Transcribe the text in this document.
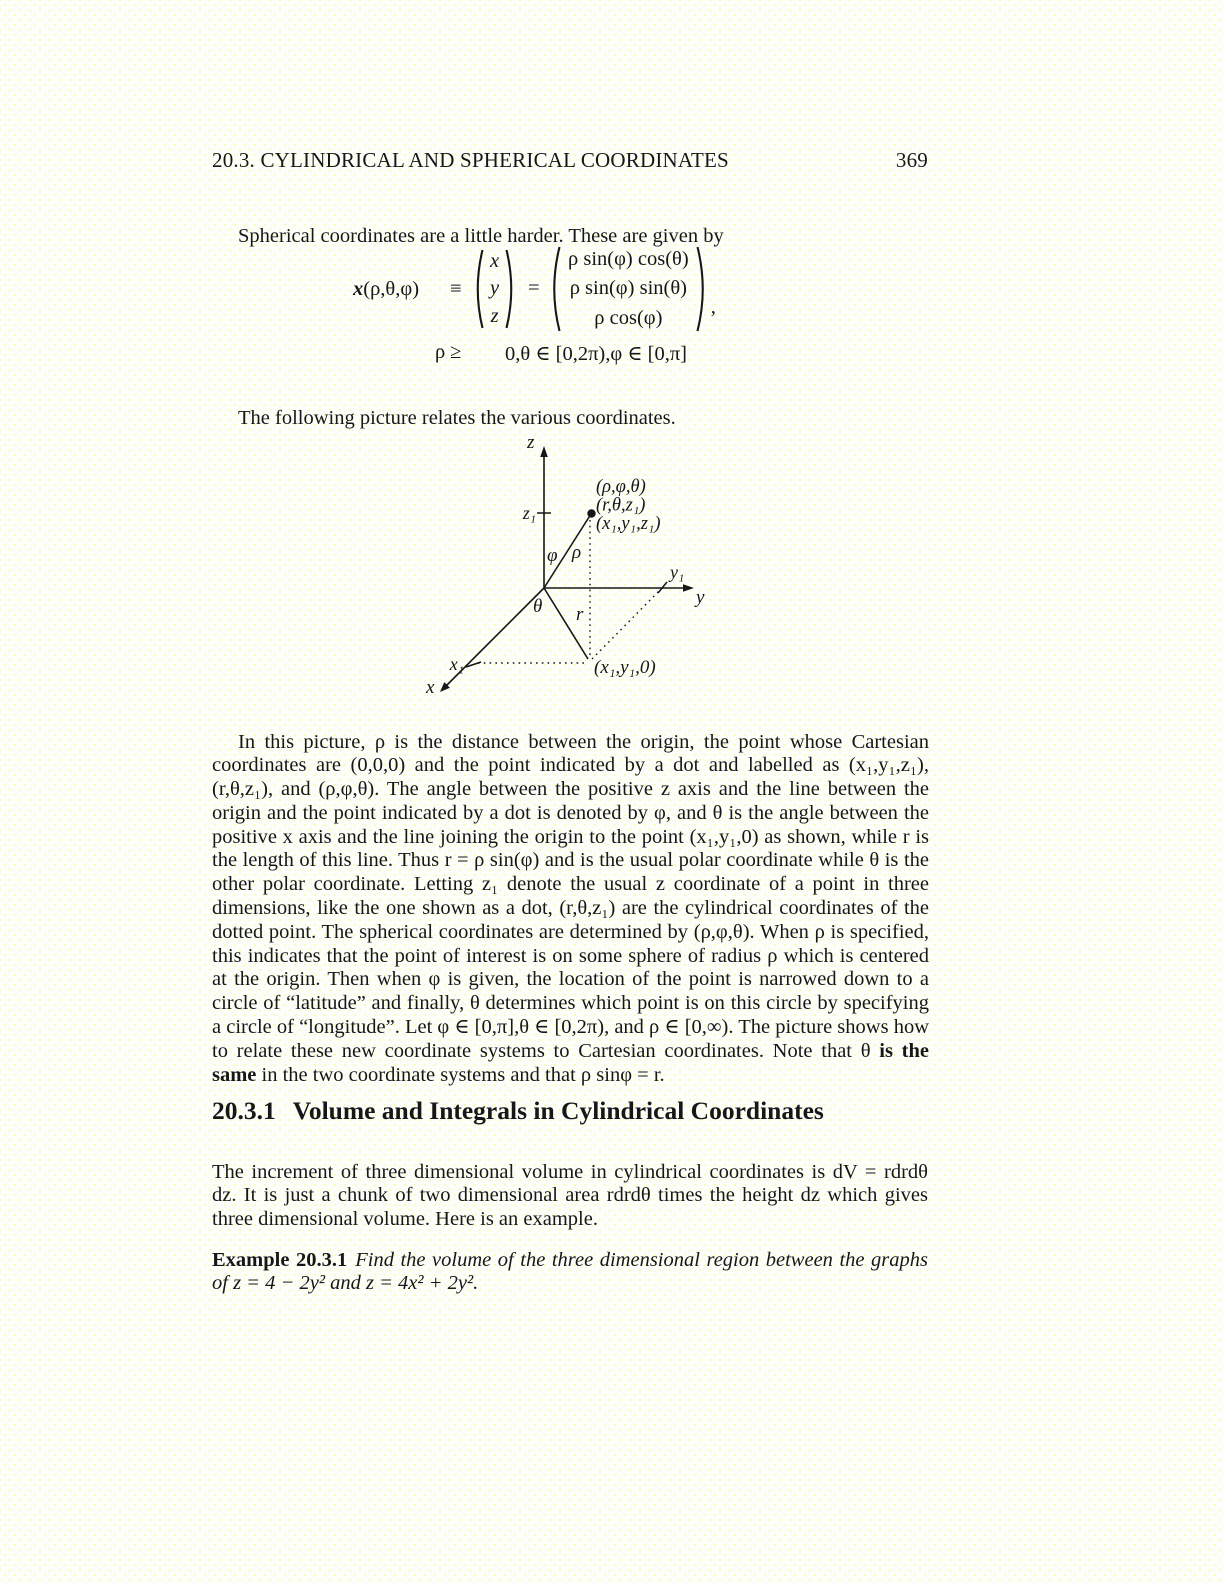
20.3. CYLINDRICAL AND SPHERICAL COORDINATES	369

Spherical coordinates are a little harder. These are given by

x(ρ,θ,φ) ≡
x
y
z
=
ρ sin(φ) cos(θ)
ρ sin(φ) sin(θ)
ρ cos(φ)	,
ρ ≥ 0,θ ∈ [0,2π),φ ∈ [0,π]

The following picture relates the various coordinates.

z
z₁
(ρ,φ,θ)
(r,θ,z₁)
(x₁,y₁,z₁)
φ ρ
y₁
y
θ r
x₁
x
(x₁,y₁,0)

In this picture, ρ is the distance between the origin, the point whose Cartesian coordinates are (0,0,0) and the point indicated by a dot and labelled as (x₁,y₁,z₁), (r,θ,z₁), and (ρ,φ,θ). The angle between the positive z axis and the line between the origin and the point indicated by a dot is denoted by φ, and θ is the angle between the positive x axis and the line joining the origin to the point (x₁,y₁,0) as shown, while r is the length of this line. Thus r = ρ sin(φ) and is the usual polar coordinate while θ is the other polar coordinate. Letting z₁ denote the usual z coordinate of a point in three dimensions, like the one shown as a dot, (r,θ,z₁) are the cylindrical coordinates of the dotted point. The spherical coordinates are determined by (ρ,φ,θ). When ρ is specified, this indicates that the point of interest is on some sphere of radius ρ which is centered at the origin. Then when φ is given, the location of the point is narrowed down to a circle of “latitude” and finally, θ determines which point is on this circle by specifying a circle of “longitude”. Let φ ∈ [0,π],θ ∈ [0,2π), and ρ ∈ [0,∞). The picture shows how to relate these new coordinate systems to Cartesian coordinates. Note that θ is the same in the two coordinate systems and that ρ sinφ = r.

20.3.1 Volume and Integrals in Cylindrical Coordinates

The increment of three dimensional volume in cylindrical coordinates is dV = rdrdθ dz. It is just a chunk of two dimensional area rdrdθ times the height dz which gives three dimensional volume. Here is an example.

Example 20.3.1 Find the volume of the three dimensional region between the graphs of z = 4 − 2y² and z = 4x² + 2y².
